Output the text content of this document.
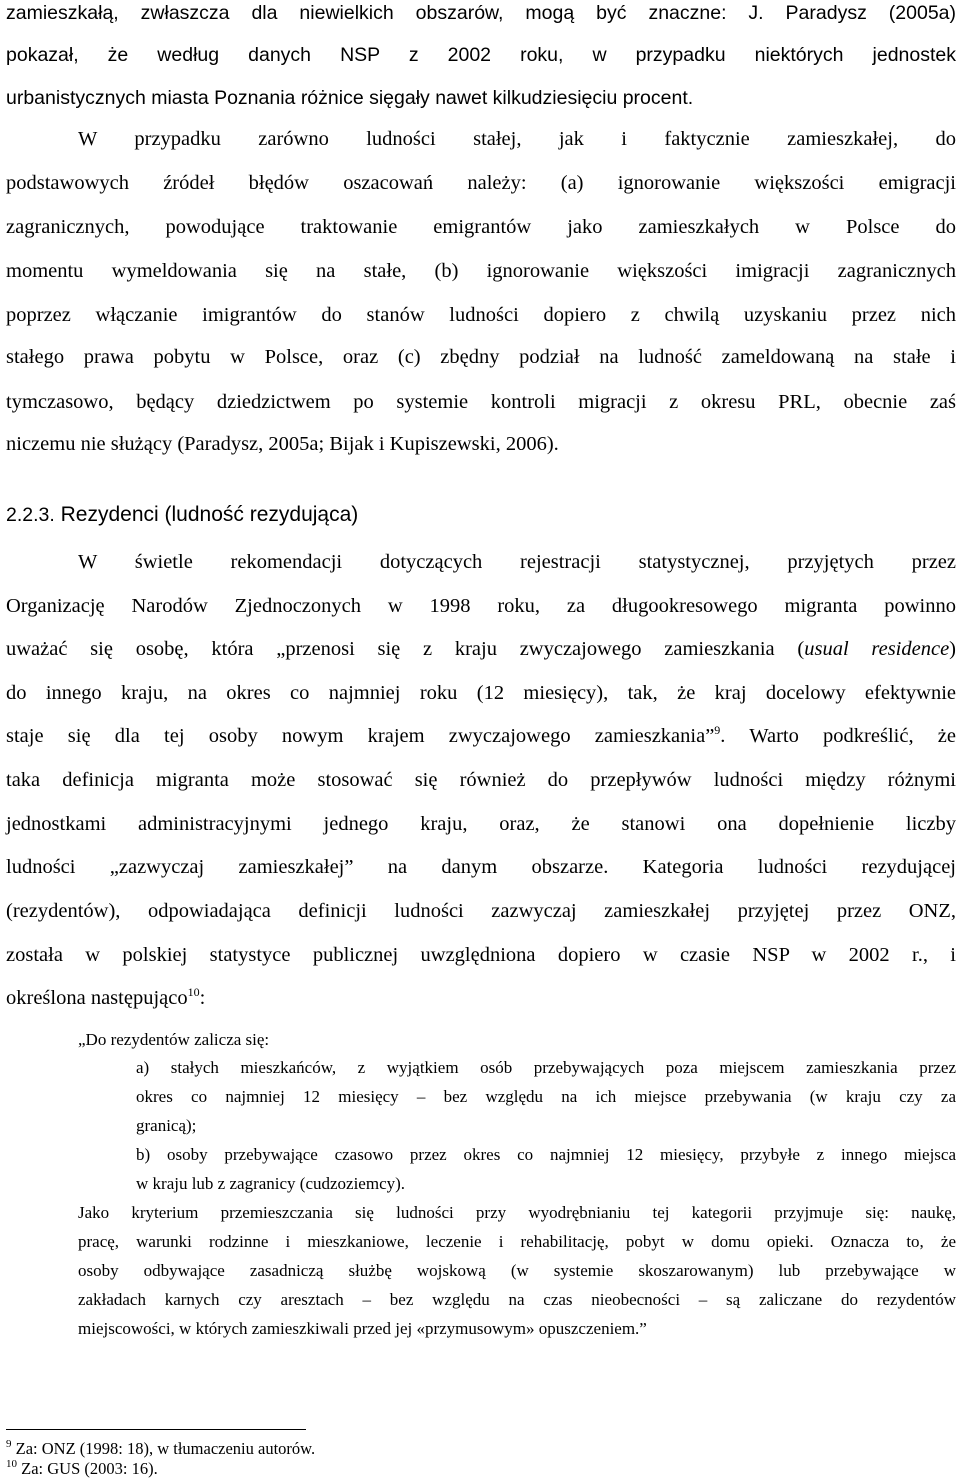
zamieszkałą, zwłaszcza dla niewielkich obszarów, mogą być znaczne: J. Paradysz (2005a)
pokazał, że według danych NSP z 2002 roku, w przypadku niektórych jednostek
urbanistycznych miasta Poznania różnice sięgały nawet kilkudziesięciu procent.
W przypadku zarówno ludności stałej, jak i faktycznie zamieszkałej, do
podstawowych źródeł błędów oszacowań należy: (a) ignorowanie większości emigracji
zagranicznych, powodujące traktowanie emigrantów jako zamieszkałych w Polsce do
momentu wymeldowania się na stałe, (b) ignorowanie większości imigracji zagranicznych
poprzez włączanie imigrantów do stanów ludności dopiero z chwilą uzyskaniu przez nich
stałego prawa pobytu w Polsce, oraz (c) zbędny podział na ludność zameldowaną na stałe i
tymczasowo, będący dziedzictwem po systemie kontroli migracji z okresu PRL, obecnie zaś
niczemu nie służący (Paradysz, 2005a; Bijak i Kupiszewski, 2006).
2.2.3. Rezydenci (ludność rezydująca)
W świetle rekomendacji dotyczących rejestracji statystycznej, przyjętych przez
Organizację Narodów Zjednoczonych w 1998 roku, za długookresowego migranta powinno
uważać się osobę, która „przenosi się z kraju zwyczajowego zamieszkania (usual residence)
do innego kraju, na okres co najmniej roku (12 miesięcy), tak, że kraj docelowy efektywnie
staje się dla tej osoby nowym krajem zwyczajowego zamieszkania”$^9$. Warto podkreślić, że
taka definicja migranta może stosować się również do przepływów ludności między różnymi
jednostkami administracyjnymi jednego kraju, oraz, że stanowi ona dopełnienie liczby
ludności „zazwyczaj zamieszkałej” na danym obszarze. Kategoria ludności rezydującej
(rezydentów), odpowiadająca definicji ludności zazwyczaj zamieszkałej przyjętej przez ONZ,
została w polskiej statystyce publicznej uwzględniona dopiero w czasie NSP w 2002 r., i
określona następująco$^{10}$:
„Do rezydentów zalicza się:
a) stałych mieszkańców, z wyjątkiem osób przebywających poza miejscem zamieszkania przez
okres co najmniej 12 miesięcy – bez względu na ich miejsce przebywania (w kraju czy za
granicą);
b) osoby przebywające czasowo przez okres co najmniej 12 miesięcy, przybyłe z innego miejsca
w kraju lub z zagranicy (cudzoziemcy).
Jako kryterium przemieszczania się ludności przy wyodrębnianiu tej kategorii przyjmuje się: naukę,
pracę, warunki rodzinne i mieszkaniowe, leczenie i rehabilitację, pobyt w domu opieki. Oznacza to, że
osoby odbywające zasadniczą służbę wojskową (w systemie skoszarowanym) lub przebywające w
zakładach karnych czy aresztach – bez względu na czas nieobecności – są zaliczane do rezydentów
miejscowości, w których zamieszkiwali przed jej «przymusowym» opuszczeniem.”
$^9$ Za: ONZ (1998: 18), w tłumaczeniu autorów.
$^{10}$ Za: GUS (2003: 16).
